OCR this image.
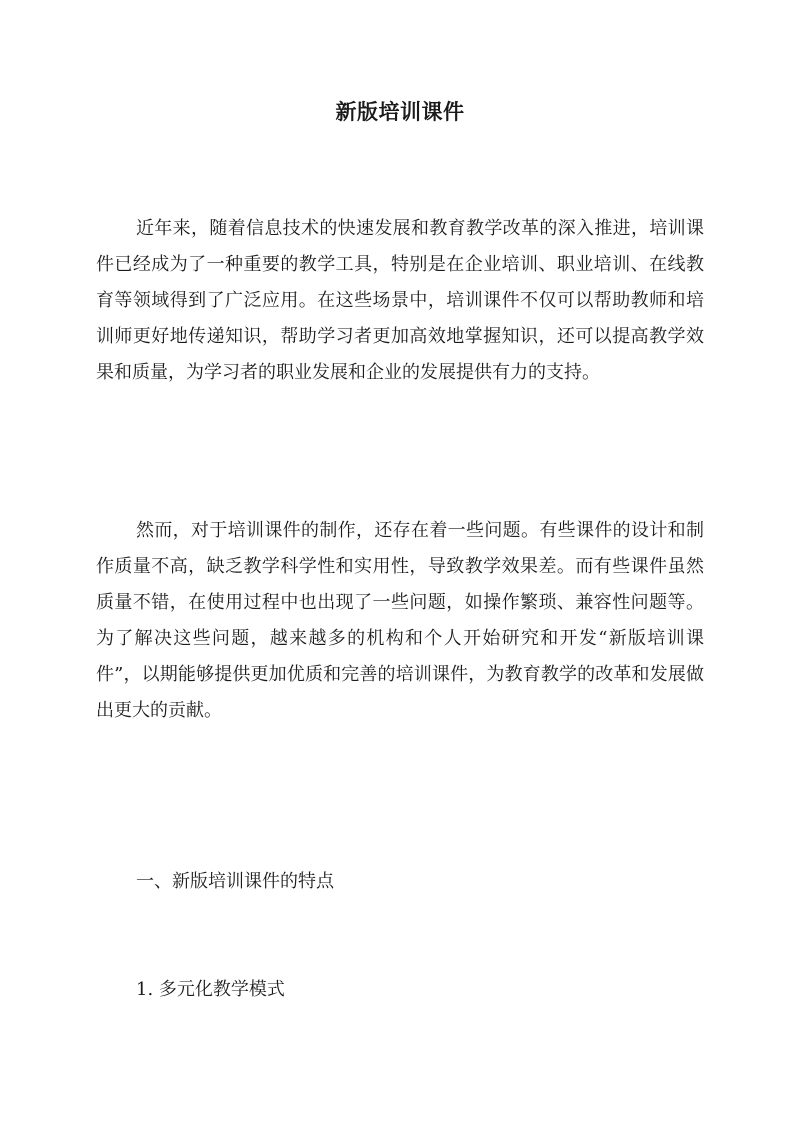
新版培训课件

近年来，随着信息技术的快速发展和教育教学改革的深入推进，培训课件已经成为了一种重要的教学工具，特别是在企业培训、职业培训、在线教育等领域得到了广泛应用。在这些场景中，培训课件不仅可以帮助教师和培训师更好地传递知识，帮助学习者更加高效地掌握知识，还可以提高教学效果和质量，为学习者的职业发展和企业的发展提供有力的支持。

然而，对于培训课件的制作，还存在着一些问题。有些课件的设计和制作质量不高，缺乏教学科学性和实用性，导致教学效果差。而有些课件虽然质量不错，在使用过程中也出现了一些问题，如操作繁琐、兼容性问题等。为了解决这些问题，越来越多的机构和个人开始研究和开发“新版培训课件”，以期能够提供更加优质和完善的培训课件，为教育教学的改革和发展做出更大的贡献。

一、新版培训课件的特点
1. 多元化教学模式
